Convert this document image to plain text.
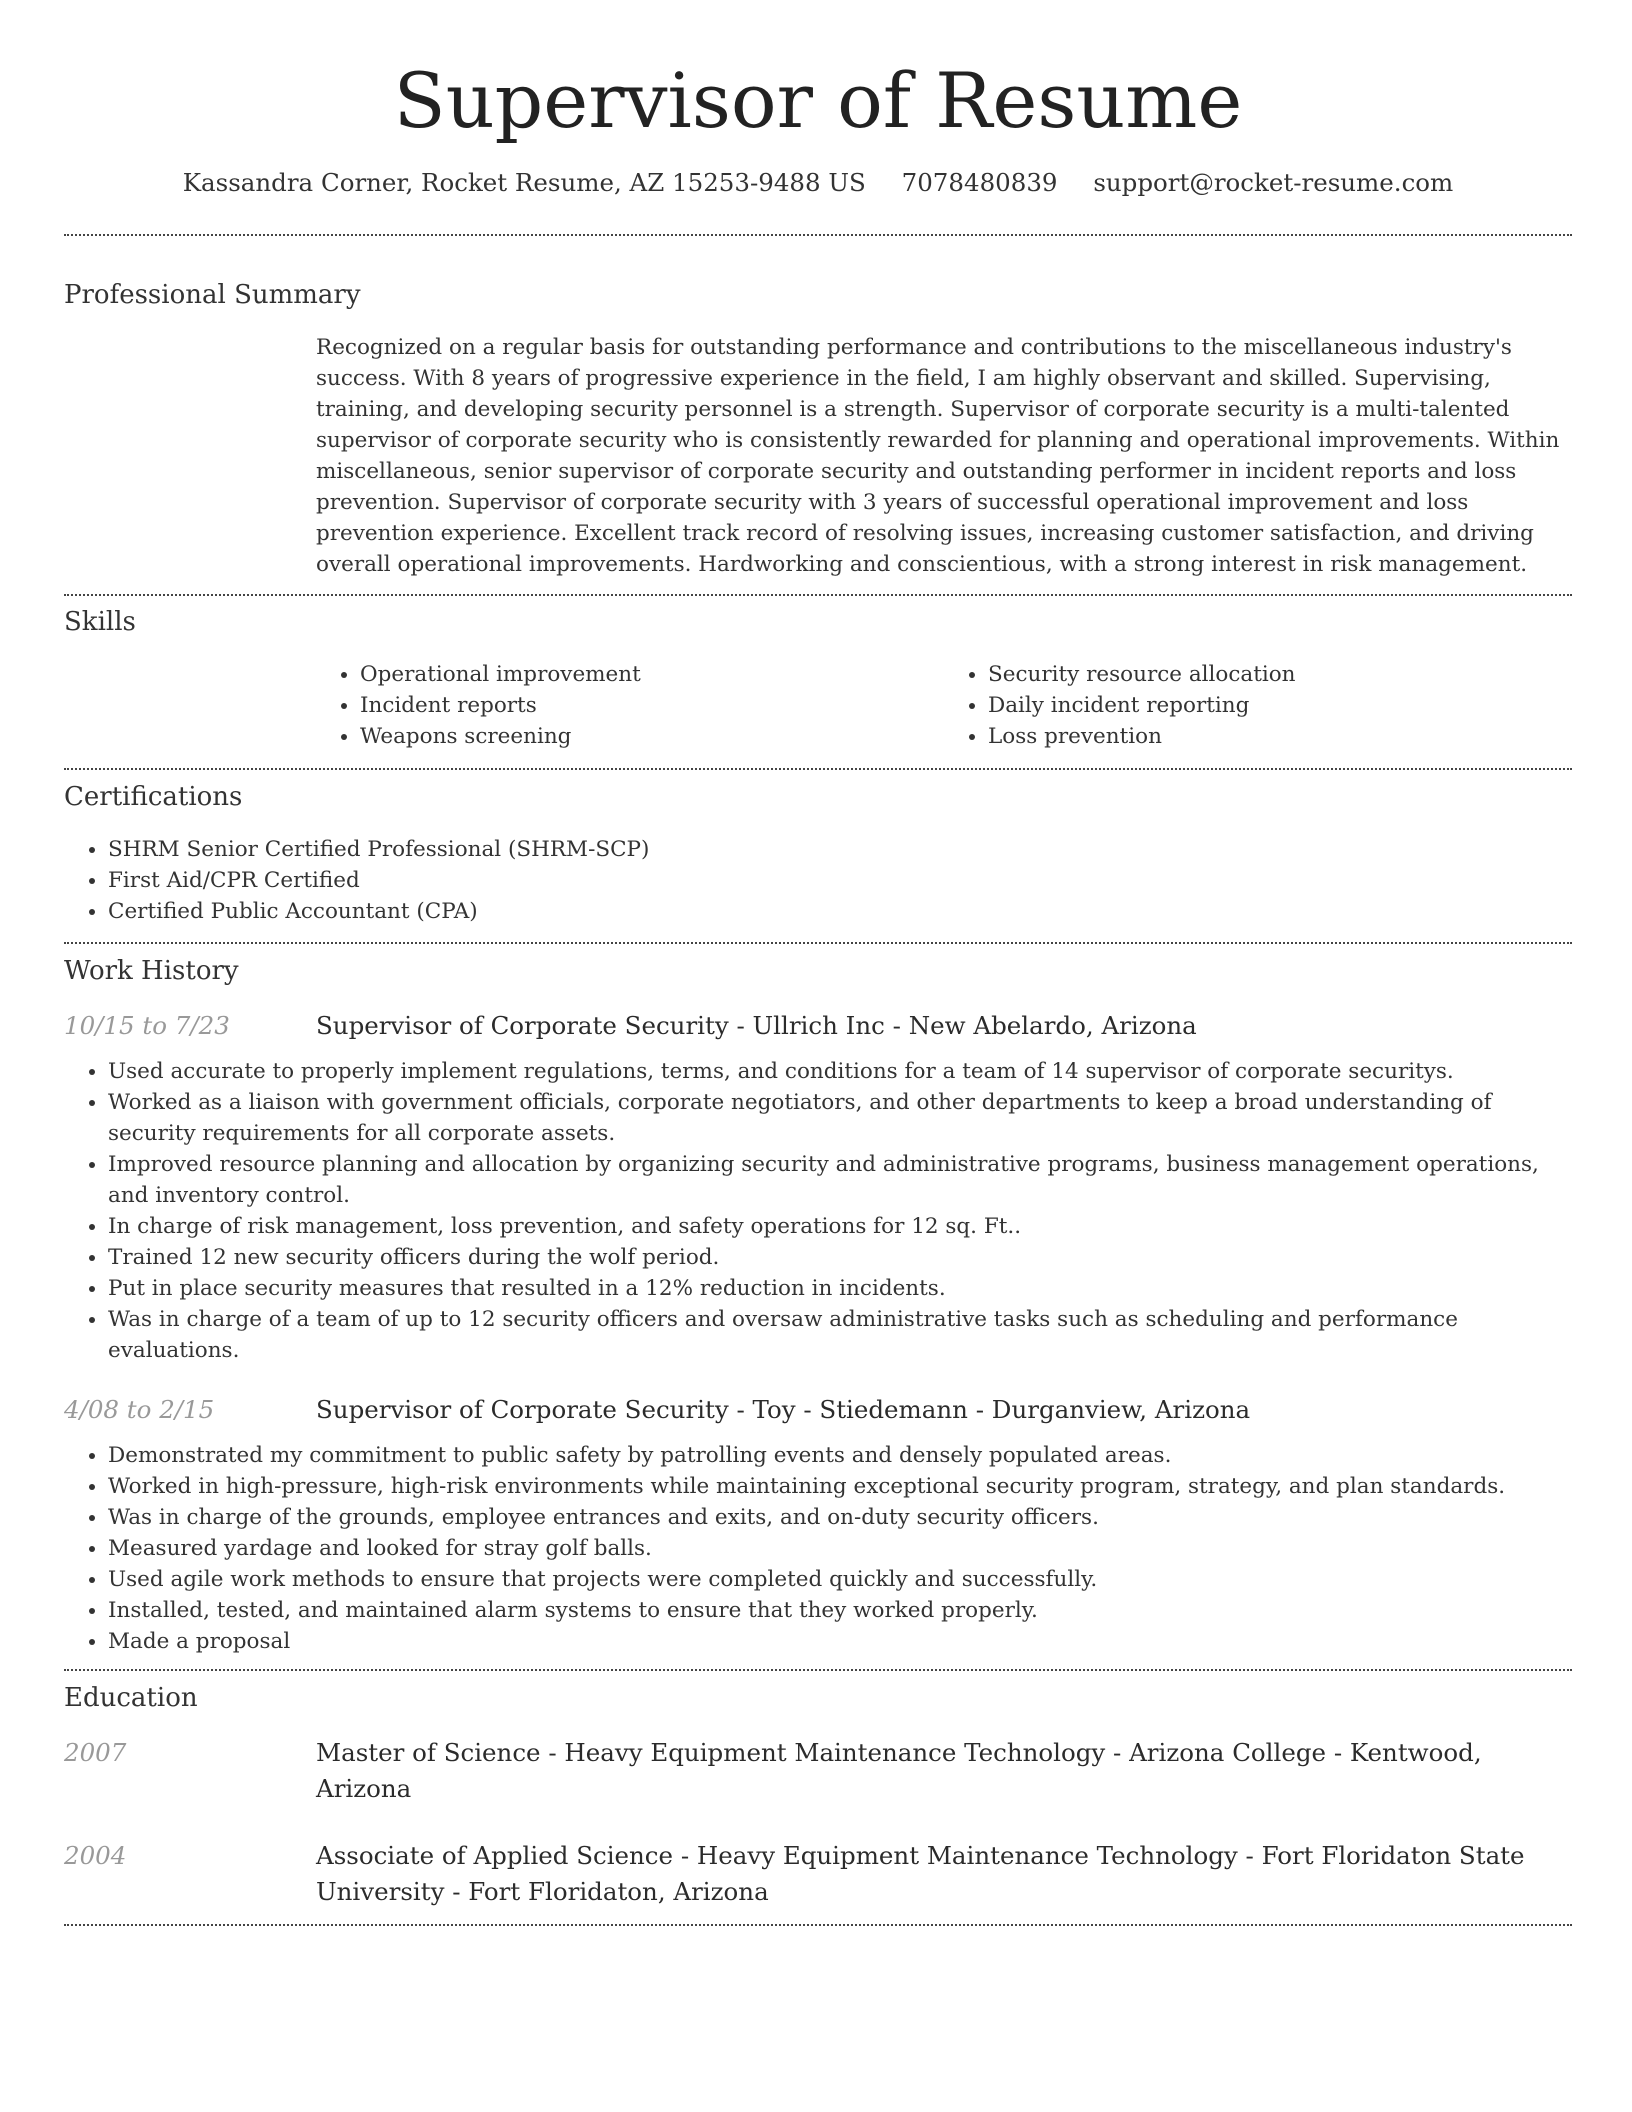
Supervisor of Resume
Kassandra Corner, Rocket Resume, AZ 15253-9488 US 7078480839 support@rocket-resume.com
Professional Summary
Recognized on a regular basis for outstanding performance and contributions to the miscellaneous industry's success. With 8 years of progressive experience in the field, I am highly observant and skilled. Supervising, training, and developing security personnel is a strength. Supervisor of corporate security is a multi-talented supervisor of corporate security who is consistently rewarded for planning and operational improvements. Within miscellaneous, senior supervisor of corporate security and outstanding performer in incident reports and loss prevention. Supervisor of corporate security with 3 years of successful operational improvement and loss prevention experience. Excellent track record of resolving issues, increasing customer satisfaction, and driving overall operational improvements. Hardworking and conscientious, with a strong interest in risk management.
Skills
• Operational improvement
• Incident reports
• Weapons screening
• Security resource allocation
• Daily incident reporting
• Loss prevention
Certifications
• SHRM Senior Certified Professional (SHRM-SCP)
• First Aid/CPR Certified
• Certified Public Accountant (CPA)
Work History
10/15 to 7/23	Supervisor of Corporate Security - Ullrich Inc - New Abelardo, Arizona
• Used accurate to properly implement regulations, terms, and conditions for a team of 14 supervisor of corporate securitys.
• Worked as a liaison with government officials, corporate negotiators, and other departments to keep a broad understanding of security requirements for all corporate assets.
• Improved resource planning and allocation by organizing security and administrative programs, business management operations, and inventory control.
• In charge of risk management, loss prevention, and safety operations for 12 sq. Ft..
• Trained 12 new security officers during the wolf period.
• Put in place security measures that resulted in a 12% reduction in incidents.
• Was in charge of a team of up to 12 security officers and oversaw administrative tasks such as scheduling and performance evaluations.
4/08 to 2/15	Supervisor of Corporate Security - Toy - Stiedemann - Durganview, Arizona
• Demonstrated my commitment to public safety by patrolling events and densely populated areas.
• Worked in high-pressure, high-risk environments while maintaining exceptional security program, strategy, and plan standards.
• Was in charge of the grounds, employee entrances and exits, and on-duty security officers.
• Measured yardage and looked for stray golf balls.
• Used agile work methods to ensure that projects were completed quickly and successfully.
• Installed, tested, and maintained alarm systems to ensure that they worked properly.
• Made a proposal
Education
2007	Master of Science - Heavy Equipment Maintenance Technology - Arizona College - Kentwood, Arizona
2004	Associate of Applied Science - Heavy Equipment Maintenance Technology - Fort Floridaton State University - Fort Floridaton, Arizona
